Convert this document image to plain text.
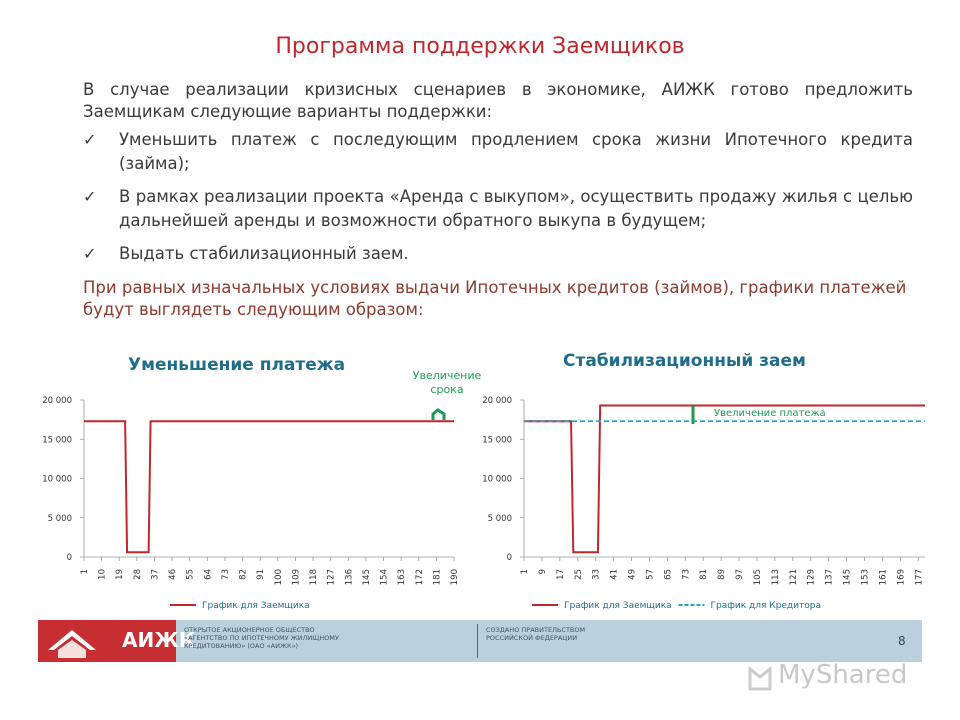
Программа поддержки Заемщиков
В случае реализации кризисных сценариев в экономике, АИЖК готово предложить Заемщикам следующие варианты поддержки:
✓ Уменьшить платеж с последующим продлением срока жизни Ипотечного кредита (займа);
✓ В рамках реализации проекта «Аренда с выкупом», осуществить продажу жилья с целью дальнейшей аренды и возможности обратного выкупа в будущем;
✓ Выдать стабилизационный заем.
При равных изначальных условиях выдачи Ипотечных кредитов (займов), графики платежей будут выглядеть следующим образом:
Уменьшение платежа	Стабилизационный заем
Увеличение срока
0
5 000
10 000
15 000
20 000
1 10 19 28 37 46 55 64 73 82 91 100 109 118 127 136 145 154 163 172 181 190
График для Заемщика
0
5 000
10 000
15 000
20 000
1 9 17 25 33 41 49 57 65 73 81 89 97 105 113 121 129 137 145 153 161 169 177
График для Заемщика	График для Кредитора
Увеличение платежа
АИЖК
ОТКРЫТОЕ АКЦИОНЕРНОЕ ОБЩЕСТВО
«АГЕНТСТВО ПО ИПОТЕЧНОМУ ЖИЛИЩНОМУ
КРЕДИТОВАНИЮ» (ОАО «АИЖК»)
СОЗДАНО ПРАВИТЕЛЬСТВОМ
РОССИЙСКОЙ ФЕДЕРАЦИИ	8
MyShared
